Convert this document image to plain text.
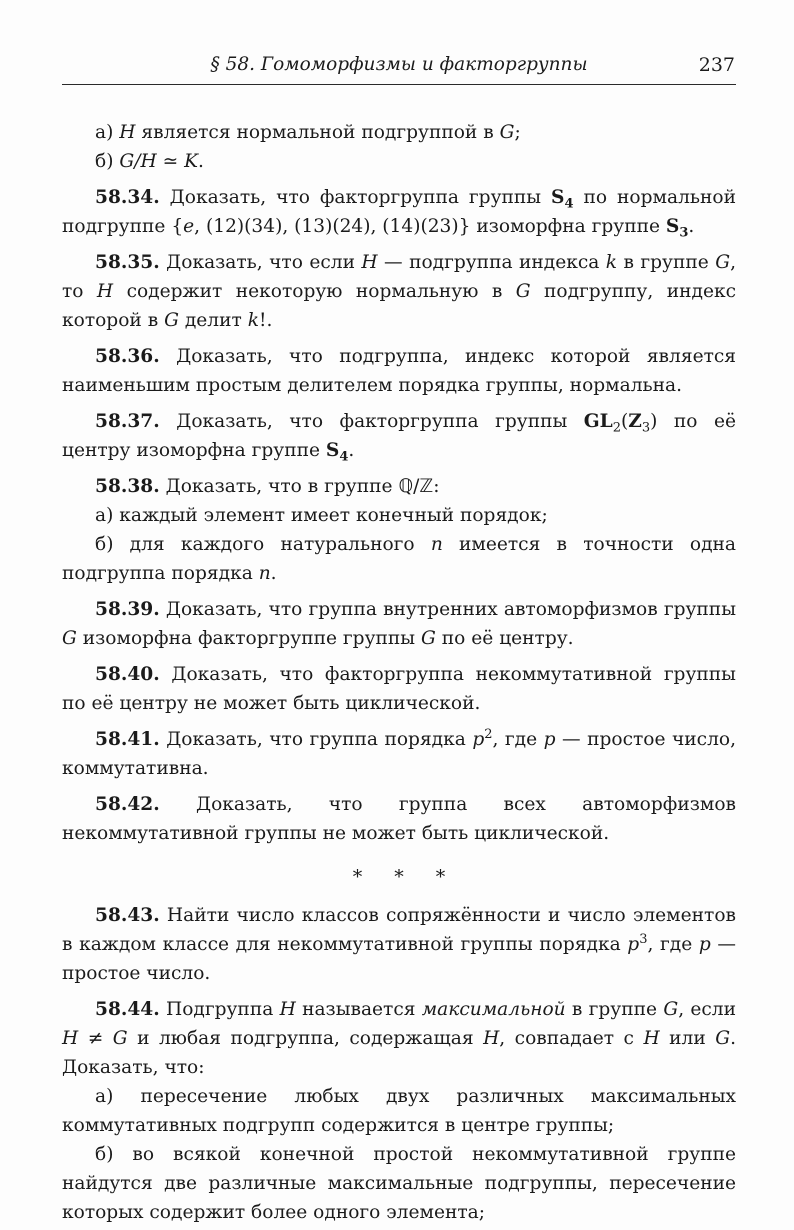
§ 58. Гомоморфизмы и факторгруппы	237

а) H является нормальной подгруппой в G;

б) G/H ≃ K.

58.34. Доказать, что факторгруппа группы $S_4$ по нормальной подгруппе {e, (12)(34), (13)(24), (14)(23)} изоморфна группе $S_3$.

58.35. Доказать, что если H — подгруппа индекса k в группе G, то H содержит некоторую нормальную в G подгруппу, индекс которой в G делит k!.

58.36. Доказать, что подгруппа, индекс которой является наименьшим простым делителем порядка группы, нормальна.

58.37. Доказать, что факторгруппа группы $GL_2(Z_3)$ по её центру изоморфна группе $S_4$.

58.38. Доказать, что в группе ℚ/ℤ:

а) каждый элемент имеет конечный порядок;

б) для каждого натурального n имеется в точности одна подгруппа порядка n.

58.39. Доказать, что группа внутренних автоморфизмов группы G изоморфна факторгруппе группы G по её центру.

58.40. Доказать, что факторгруппа некоммутативной группы по её центру не может быть циклической.

58.41. Доказать, что группа порядка $p^2$, где p — простое число, коммутативна.

58.42. Доказать, что группа всех автоморфизмов некоммутативной группы не может быть циклической.

* * *

58.43. Найти число классов сопряжённости и число элементов в каждом классе для некоммутативной группы порядка $p^3$, где p — простое число.

58.44. Подгруппа H называется максимальной в группе G, если H ≠ G и любая подгруппа, содержащая H, совпадает с H или G. Доказать, что:

а) пересечение любых двух различных максимальных коммутативных подгрупп содержится в центре группы;

б) во всякой конечной простой некоммутативной группе найдутся две различные максимальные подгруппы, пересечение которых содержит более одного элемента;
